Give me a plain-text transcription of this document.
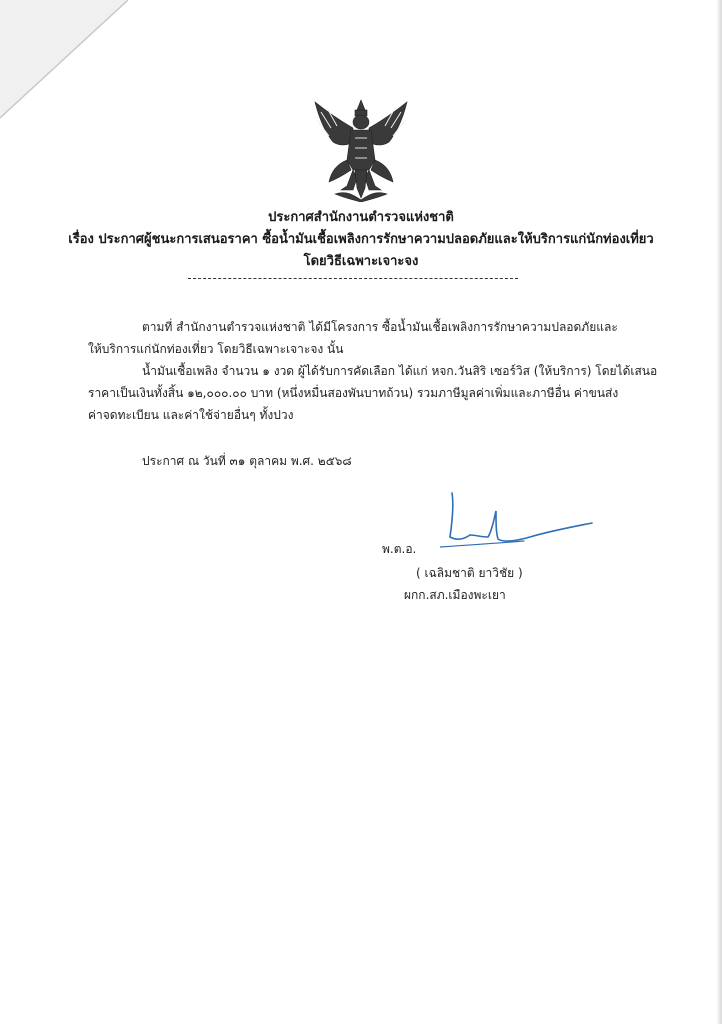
ประกาศสำนักงานตำรวจแห่งชาติ
เรื่อง ประกาศผู้ชนะการเสนอราคา ซื้อน้ำมันเชื้อเพลิงการรักษาความปลอดภัยและให้บริการแก่นักท่องเที่ยว
โดยวิธีเฉพาะเจาะจง
ตามที่ สำนักงานตำรวจแห่งชาติ ได้มีโครงการ ซื้อน้ำมันเชื้อเพลิงการรักษาความปลอดภัยและ
ให้บริการแก่นักท่องเที่ยว โดยวิธีเฉพาะเจาะจง นั้น
น้ำมันเชื้อเพลิง จำนวน ๑ งวด ผู้ได้รับการคัดเลือก ได้แก่ หจก.วันสิริ เซอร์วิส (ให้บริการ) โดยได้เสนอ
ราคาเป็นเงินทั้งสิ้น ๑๒,๐๐๐.๐๐ บาท (หนึ่งหมื่นสองพันบาทถ้วน) รวมภาษีมูลค่าเพิ่มและภาษีอื่น ค่าขนส่ง
ค่าจดทะเบียน และค่าใช้จ่ายอื่นๆ ทั้งปวง
ประกาศ ณ วันที่ ๓๑ ตุลาคม พ.ศ. ๒๕๖๘
พ.ต.อ.
( เฉลิมชาติ ยาวิชัย )
ผกก.สภ.เมืองพะเยา
